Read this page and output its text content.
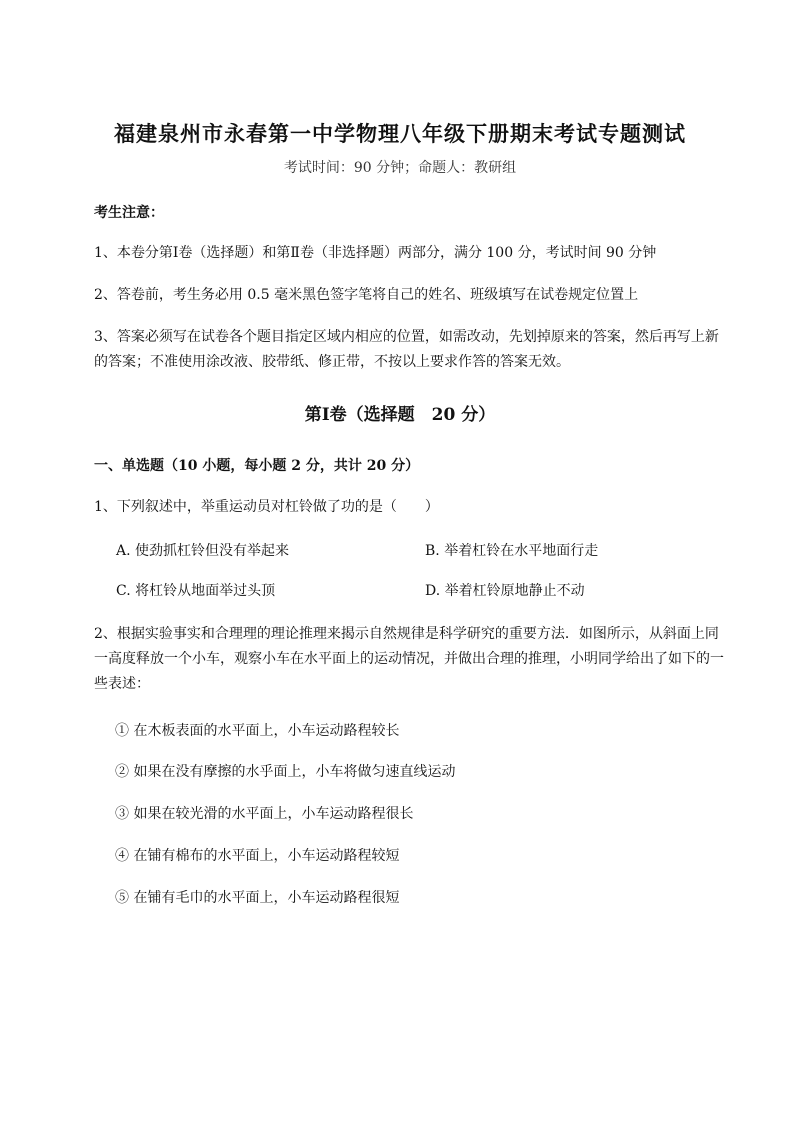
福建泉州市永春第一中学物理八年级下册期末考试专题测试
考试时间：90 分钟；命题人：教研组
考生注意：
1、本卷分第Ⅰ卷（选择题）和第Ⅱ卷（非选择题）两部分，满分 100 分，考试时间 90 分钟
2、答卷前，考生务必用 0.5 毫米黑色签字笔将自己的姓名、班级填写在试卷规定位置上
3、答案必须写在试卷各个题目指定区域内相应的位置，如需改动，先划掉原来的答案，然后再写上新的答案；不准使用涂改液、胶带纸、修正带，不按以上要求作答的答案无效。
第Ⅰ卷（选择题　20 分）
一、单选题（10 小题，每小题 2 分，共计 20 分）
1、下列叙述中，举重运动员对杠铃做了功的是（　　）
A. 使劲抓杠铃但没有举起来	B. 举着杠铃在水平地面行走
C. 将杠铃从地面举过头顶	D. 举着杠铃原地静止不动
2、根据实验事实和合理理的理论推理来揭示自然规律是科学研究的重要方法．如图所示，从斜面上同一高度释放一个小车，观察小车在水平面上的运动情况，并做出合理的推理，小明同学给出了如下的一些表述：
① 在木板表面的水平面上，小车运动路程较长
② 如果在没有摩擦的水乎面上，小车将做匀速直线运动
③ 如果在较光滑的水平面上，小车运动路程很长
④ 在铺有棉布的水平面上，小车运动路程较短
⑤ 在铺有毛巾的水平面上，小车运动路程很短
